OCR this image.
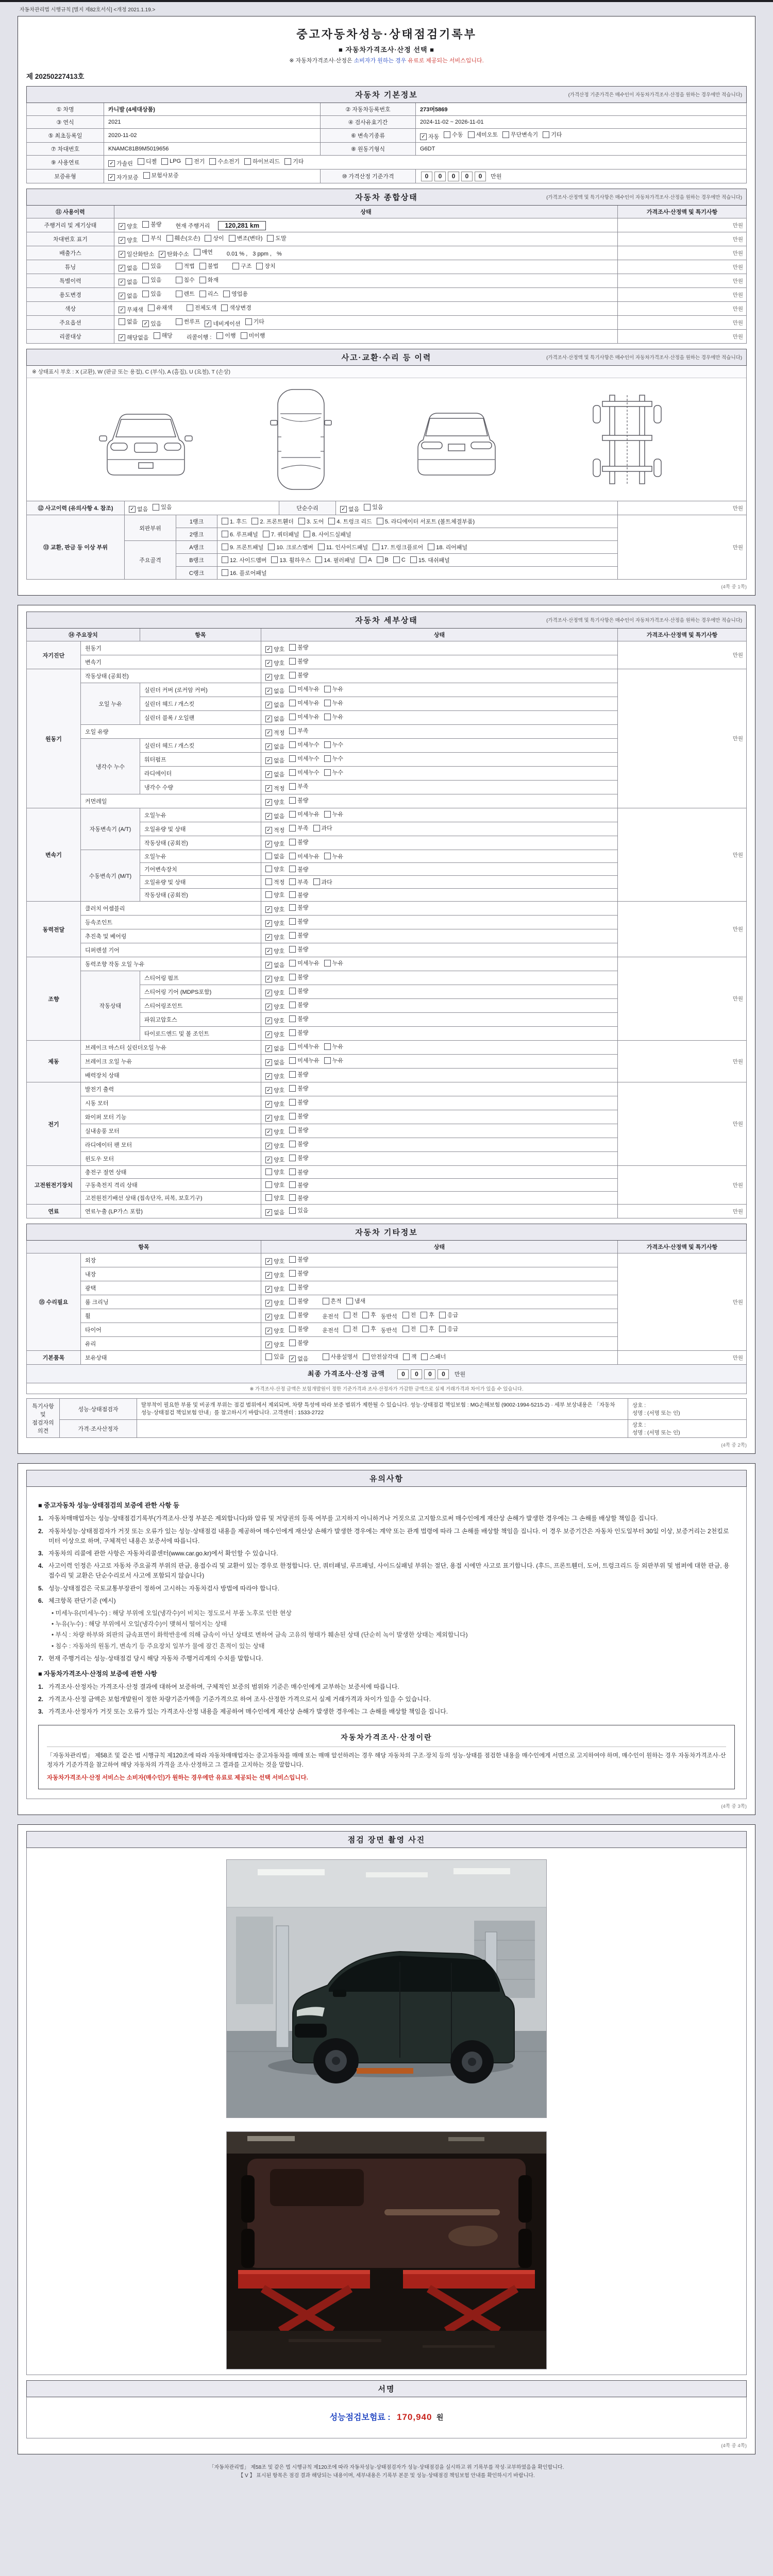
자동차관리법 시행규칙 [별지 제82호서식] <개정 2021.1.19.>
중고자동차성능·상태점검기록부
■ 자동차가격조사·산정 선택 ■
※ 자동차가격조사·산정은 소비자가 원하는 경우 유료로 제공되는 서비스입니다.
제 20250227413호
자동차 기본정보	(가격산정 기준가격은 매수인이 자동차가격조사·산정을 원하는 경우에만 적습니다)
① 차명	카니발 (4세대상품)	② 자동차등록번호	273머5869
③ 연식	2021	④ 검사유효기간	2024-11-02 ~ 2026-11-01
⑤ 최초등록일	2020-11-02	⑥ 변속기종류	✓ 자동 수동 세미오토 무단변속기 기타

⑦ 차대번호	KNAMC81B9M5019656	⑧ 원동기형식	G6DT
⑨ 사용연료	✓ 가솔린 디젤 LPG 전기 수소전기 하이브리드 기타

보증유형	✓ 자가보증 보험사보증	⑩ 가격산정 기준가격	0 0 0 0 0 만원
자동차 종합상태	(가격조사·산정액 및 특기사항은 매수인이 자동차가격조사·산정을 원하는 경우에만 적습니다)
⑪ 사용이력	상태	가격조사·산정액 및 특기사항
주행거리 및 계기상태	✓ 양호 불량 현재 주행거리 120,281 km	만원
차대번호 표기	✓ 양호 부식 훼손(오손) 상이 변조(변타) 도말	만원
배출가스	✓ 일산화탄소 ✓ 탄화수소 매연 0.01 % , 3 ppm , %	만원
튜닝	✓ 없음 있음	적법 불법	구조 장치	만원
특별이력	✓ 없음 있음 침수 화재	만원
용도변경	✓ 없음 있음	렌트 리스 영업용	만원
색상	✓ 무채색 유채색 전체도색 색상변경	만원
주요옵션	없음 ✓ 있음	썬루프 ✓ 네비게이션 기타	만원
리콜대상	✓ 해당없음 해당 리콜이행 : 이행 미이행	만원
사고·교환·수리 등 이력	(가격조사·산정액 및 특기사항은 매수인이 자동차가격조사·산정을 원하는 경우에만 적습니다)
※ 상태표시 부호 : X (교환), W (판금 또는 용접), C (부식), A (흠집), U (요철), T (손상)
⑫ 사고이력 (유의사항 4. 참조)	✓ 없음 있음	단순수리	✓ 없음 있음	만원
⑬ 교환, 판금 등 이상 부위	외판부위	1랭크	1. 후드 2. 프론트휀더 3. 도어 4. 트렁크 리드 5. 라디에이터 서포트 (볼트체결부품)	만원
		2랭크	6. 루프패널 7. 쿼터패널 8. 사이드실패널	

	주요골격	A랭크	9. 프론트패널 10. 크로스멤버 11. 인사이드패널 17. 트렁크플로어 18. 리어패널	

B랭크	12. 사이드멤버 13. 휠하우스 14. 필러패널 A B C 15. 대쉬패널

		C랭크	16. 플로어패널	
(4쪽 중 1쪽)
자동차 세부상태	(가격조사·산정액 및 특기사항은 매수인이 자동차가격조사·산정을 원하는 경우에만 적습니다)
⑭ 주요장치		항목	상태	가격조사·산정액 및 특기사항
자기진단	원동기		✓ 양호 불량	만원
	변속기		✓ 양호 불량	

원동기	작동상태 (공회전)		✓ 양호 불량	만원
	오일 누유	실린더 커버 (로커암 커버)	✓ 없음 미세누유 누유	

		실린더 헤드 / 개스킷	✓ 없음 미세누유 누유	

		실린더 블록 / 오일팬	✓ 없음 미세누유 누유	

	오일 유량		✓ 적정 부족	

	냉각수 누수	실린더 헤드 / 개스킷	✓ 없음 미세누수 누수	

		워터펌프	✓ 없음 미세누수 누수	

		라디에이터	✓ 없음 미세누수 누수	

		냉각수 수량	✓ 적정 부족	

	커먼레일		✓ 양호 불량	

변속기	자동변속기 (A/T)	오일누유	✓ 없음 미세누유 누유	만원
		오일유량 및 상태	✓ 적정 부족 과다	

		작동상태 (공회전)	✓ 양호 불량	

	수동변속기 (M/T)	오일누유	없음 미세누유 누유	

		기어변속장치	양호 불량	

		오일유량 및 상태	적정 부족 과다	

		작동상태 (공회전)	양호 불량	

동력전달	클러치 어셈블리		✓ 양호 불량	만원
	등속조인트		✓ 양호 불량	

	추진축 및 베어링		✓ 양호 불량	

	디퍼렌셜 기어		✓ 양호 불량	

조향	동력조향 작동 오일 누유		✓ 없음 미세누유 누유	만원
	작동상태	스티어링 펌프	✓ 양호 불량	

		스티어링 기어 (MDPS포함)	✓ 양호 불량	

		스티어링조인트	✓ 양호 불량	

		파워고압호스	✓ 양호 불량	

		타이로드엔드 및 볼 조인트	✓ 양호 불량	

제동	브레이크 마스터 실린더오일 누유		✓ 없음 미세누유 누유	만원
	브레이크 오일 누유		✓ 없음 미세누유 누유	

	배력장치 상태		✓ 양호 불량	

전기	발전기 출력		✓ 양호 불량	만원
	시동 모터		✓ 양호 불량	

	와이퍼 모터 기능		✓ 양호 불량	

	실내송풍 모터		✓ 양호 불량	

	라디에이터 팬 모터		✓ 양호 불량	

	윈도우 모터		✓ 양호 불량	

고전원전기장치	충전구 절연 상태		양호 불량	만원
	구동축전지 격리 상태		양호 불량	

	고전원전기배선 상태 (접속단자, 피복, 보호기구)		양호 불량	

연료	연료누출 (LP가스 포함)		✓ 없음 있음	만원
자동차 기타정보
항목		상태	가격조사·산정액 및 특기사항
⑮ 수리필요	외장	✓ 양호 불량	만원
	내장	✓ 양호 불량	

	광택	✓ 양호 불량	

	룸 크리닝	✓ 양호 불량 흔적 냄새	

휠	✓ 양호 불량 운전석 전 후 동반석 전 후 응급

타이어	✓ 양호 불량 운전석 전 후 동반석 전 후 응급

	유리	✓ 양호 불량	

기본품목	보유상태	있음 ✓ 없음	사용설명서 안전삼각대 잭 스패너	만원
최종 가격조사·산정 금액	0 0 0 0 만원
※ 가격조사·산정 금액은 보험개발원이 정한 기준가격과 조사·산정자가 가감한 금액으로 실제 거래가격과 차이가 있을 수 있습니다.
특기사항 및 점검자의 의견	성능·상태점검자	탈부착이 필요한 부품 및 비공개 부위는 점검 범위에서 제외되며, 차량 특성에 따라 보증 범위가 제한될 수 있습니다. 성능·상태점검 책임보험 : MG손해보험 (9002-1994-5215-2) · 세부 보상내용은 「자동차 성능·상태점검 책임보험 안내」를 참고하시기 바랍니다. 고객센터 : 1533-2722	상호 :
성명 : (서명 또는 인)

	가격·조사산정자		상호 :
성명 : (서명 또는 인)
(4쪽 중 2쪽)
유의사항
■ 중고자동차 성능·상태점검의 보증에 관한 사항 등
1. 자동차매매업자는 성능·상태점검기록부(가격조사·산정 부분은 제외합니다)와 압류 및 저당권의 등록 여부를 고지하지 아니하거나 거짓으로 고지함으로써 매수인에게 재산상 손해가 발생한 경우에는 그 손해를 배상할 책임을 집니다.
2. 자동차성능·상태점검자가 거짓 또는 오류가 있는 성능·상태점검 내용을 제공하여 매수인에게 재산상 손해가 발생한 경우에는 계약 또는 관계 법령에 따라 그 손해를 배상할 책임을 집니다. 이 경우 보증기간은 자동차 인도일부터 30일 이상, 보증거리는 2천킬로미터 이상으로 하며, 구체적인 내용은 보증서에 따릅니다.
3. 자동차의 리콜에 관한 사항은 자동차리콜센터(www.car.go.kr)에서 확인할 수 있습니다.
4. 사고이력 인정은 사고로 자동차 주요골격 부위의 판금, 용접수리 및 교환이 있는 경우로 한정합니다. 단, 쿼터패널, 루프패널, 사이드실패널 부위는 절단, 용접 시에만 사고로 표기합니다. (후드, 프론트휀더, 도어, 트렁크리드 등 외판부위 및 범퍼에 대한 판금, 용접수리 및 교환은 단순수리로서 사고에 포함되지 않습니다)
5. 성능·상태점검은 국토교통부장관이 정하여 고시하는 자동차검사 방법에 따라야 합니다.
6. 체크항목 판단기준 (예시)
• 미세누유(미세누수) : 해당 부위에 오일(냉각수)이 비치는 정도로서 부품 노후로 인한 현상
• 누유(누수) : 해당 부위에서 오일(냉각수)이 맺혀서 떨어지는 상태
• 부식 : 차량 하부와 외판의 금속표면이 화학반응에 의해 금속이 아닌 상태로 변하여 금속 고유의 형태가 훼손된 상태 (단순히 녹이 발생한 상태는 제외합니다)
• 침수 : 자동차의 원동기, 변속기 등 주요장치 일부가 물에 잠긴 흔적이 있는 상태
7. 현재 주행거리는 성능·상태점검 당시 해당 자동차 주행거리계의 수치를 말합니다.
■ 자동차가격조사·산정의 보증에 관한 사항
1. 가격조사·산정자는 가격조사·산정 결과에 대하여 보증하며, 구체적인 보증의 범위와 기준은 매수인에게 교부하는 보증서에 따릅니다.
2. 가격조사·산정 금액은 보험개발원이 정한 차량기준가액을 기준가격으로 하여 조사·산정한 가격으로서 실제 거래가격과 차이가 있을 수 있습니다.
3. 가격조사·산정자가 거짓 또는 오류가 있는 가격조사·산정 내용을 제공하여 매수인에게 재산상 손해가 발생한 경우에는 그 손해를 배상할 책임을 집니다.
자동차가격조사·산정이란
「자동차관리법」 제58조 및 같은 법 시행규칙 제120조에 따라 자동차매매업자는 중고자동차를 매매 또는 매매 알선하려는 경우 해당 자동차의 구조·장치 등의 성능·상태를 점검한 내용을 매수인에게 서면으로 고지하여야 하며, 매수인이 원하는 경우 자동차가격조사·산정자가 기준가격을 참고하여 해당 자동차의 가격을 조사·산정하고 그 결과를 고지하는 것을 말합니다.
자동차가격조사·산정 서비스는 소비자(매수인)가 원하는 경우에만 유료로 제공되는 선택 서비스입니다.
(4쪽 중 3쪽)
점검 장면 촬영 사진
서명
성능점검보험료 : 170,940 원
(4쪽 중 4쪽)
「자동차관리법」 제58조 및 같은 법 시행규칙 제120조에 따라 자동차성능·상태점검자가 성능·상태점검을 실시하고 위 기록부를 작성·교부하였음을 확인합니다.
【 V 】 표시된 항목은 점검 결과 해당되는 내용이며, 세부내용은 기록부 본문 및 성능·상태점검 책임보험 안내를 확인하시기 바랍니다.
